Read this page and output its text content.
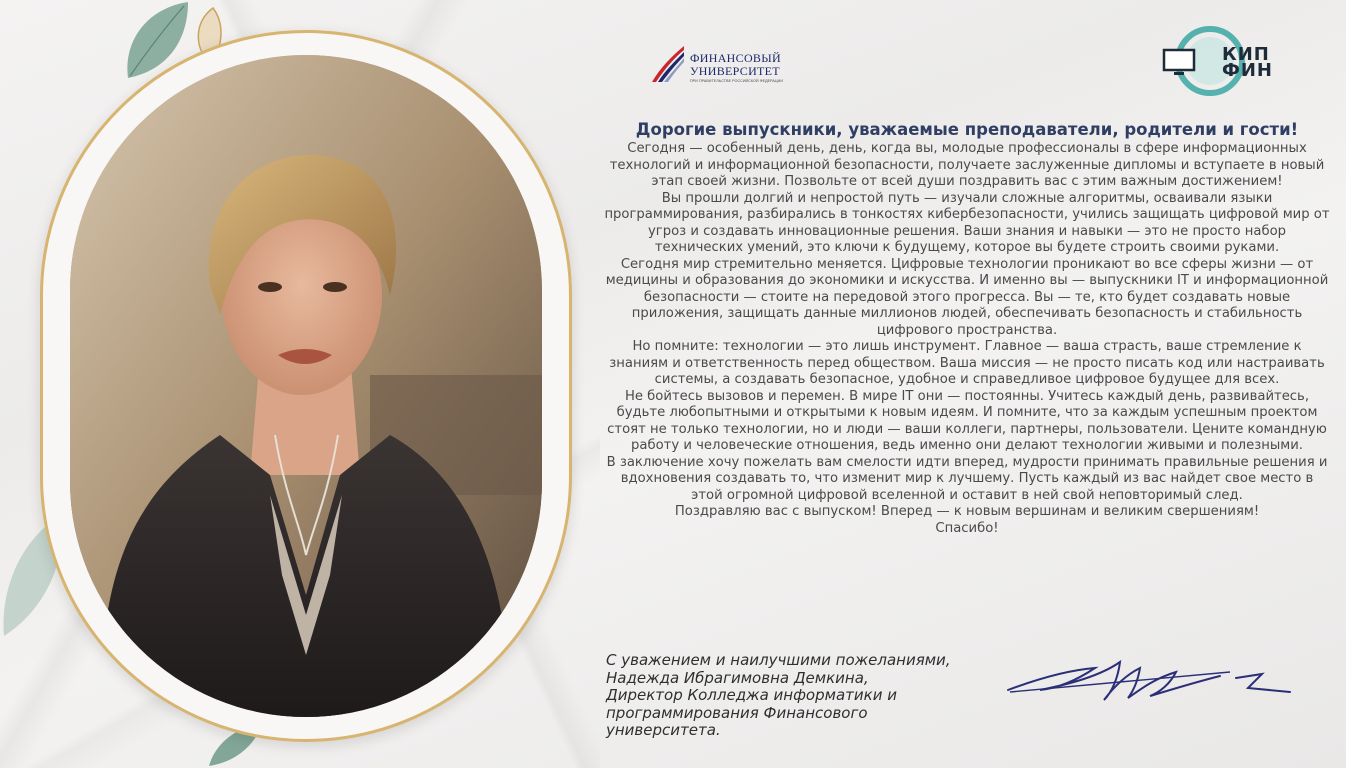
ФИНАНСОВЫЙ
УНИВЕРСИТЕТ
ПРИ ПРАВИТЕЛЬСТВЕ РОССИЙСКОЙ ФЕДЕРАЦИИ
КИП
ФИН
Дорогие выпускники, уважаемые преподаватели, родители и гости!

Сегодня — особенный день, день, когда вы, молодые профессионалы в сфере информационных технологий и информационной безопасности, получаете заслуженные дипломы и вступаете в новый этап своей жизни. Позвольте от всей души поздравить вас с этим важным достижением!

Вы прошли долгий и непростой путь — изучали сложные алгоритмы, осваивали языки программирования, разбирались в тонкостях кибербезопасности, учились защищать цифровой мир от угроз и создавать инновационные решения. Ваши знания и навыки — это не просто набор технических умений, это ключи к будущему, которое вы будете строить своими руками.

Сегодня мир стремительно меняется. Цифровые технологии проникают во все сферы жизни — от медицины и образования до экономики и искусства. И именно вы — выпускники IT и информационной безопасности — стоите на передовой этого прогресса. Вы — те, кто будет создавать новые приложения, защищать данные миллионов людей, обеспечивать безопасность и стабильность цифрового пространства.

Но помните: технологии — это лишь инструмент. Главное — ваша страсть, ваше стремление к знаниям и ответственность перед обществом. Ваша миссия — не просто писать код или настраивать системы, а создавать безопасное, удобное и справедливое цифровое будущее для всех.

Не бойтесь вызовов и перемен. В мире IT они — постоянны. Учитесь каждый день, развивайтесь, будьте любопытными и открытыми к новым идеям. И помните, что за каждым успешным проектом стоят не только технологии, но и люди — ваши коллеги, партнеры, пользователи. Цените командную работу и человеческие отношения, ведь именно они делают технологии живыми и полезными.

В заключение хочу пожелать вам смелости идти вперед, мудрости принимать правильные решения и вдохновения создавать то, что изменит мир к лучшему. Пусть каждый из вас найдет свое место в этой огромной цифровой вселенной и оставит в ней свой неповторимый след.

Поздравляю вас с выпуском! Вперед — к новым вершинам и великим свершениям!

Спасибо!

С уважением и наилучшими пожеланиями,

Надежда Ибрагимовна Демкина,

Директор Колледжа информатики и

программирования Финансового

университета.
